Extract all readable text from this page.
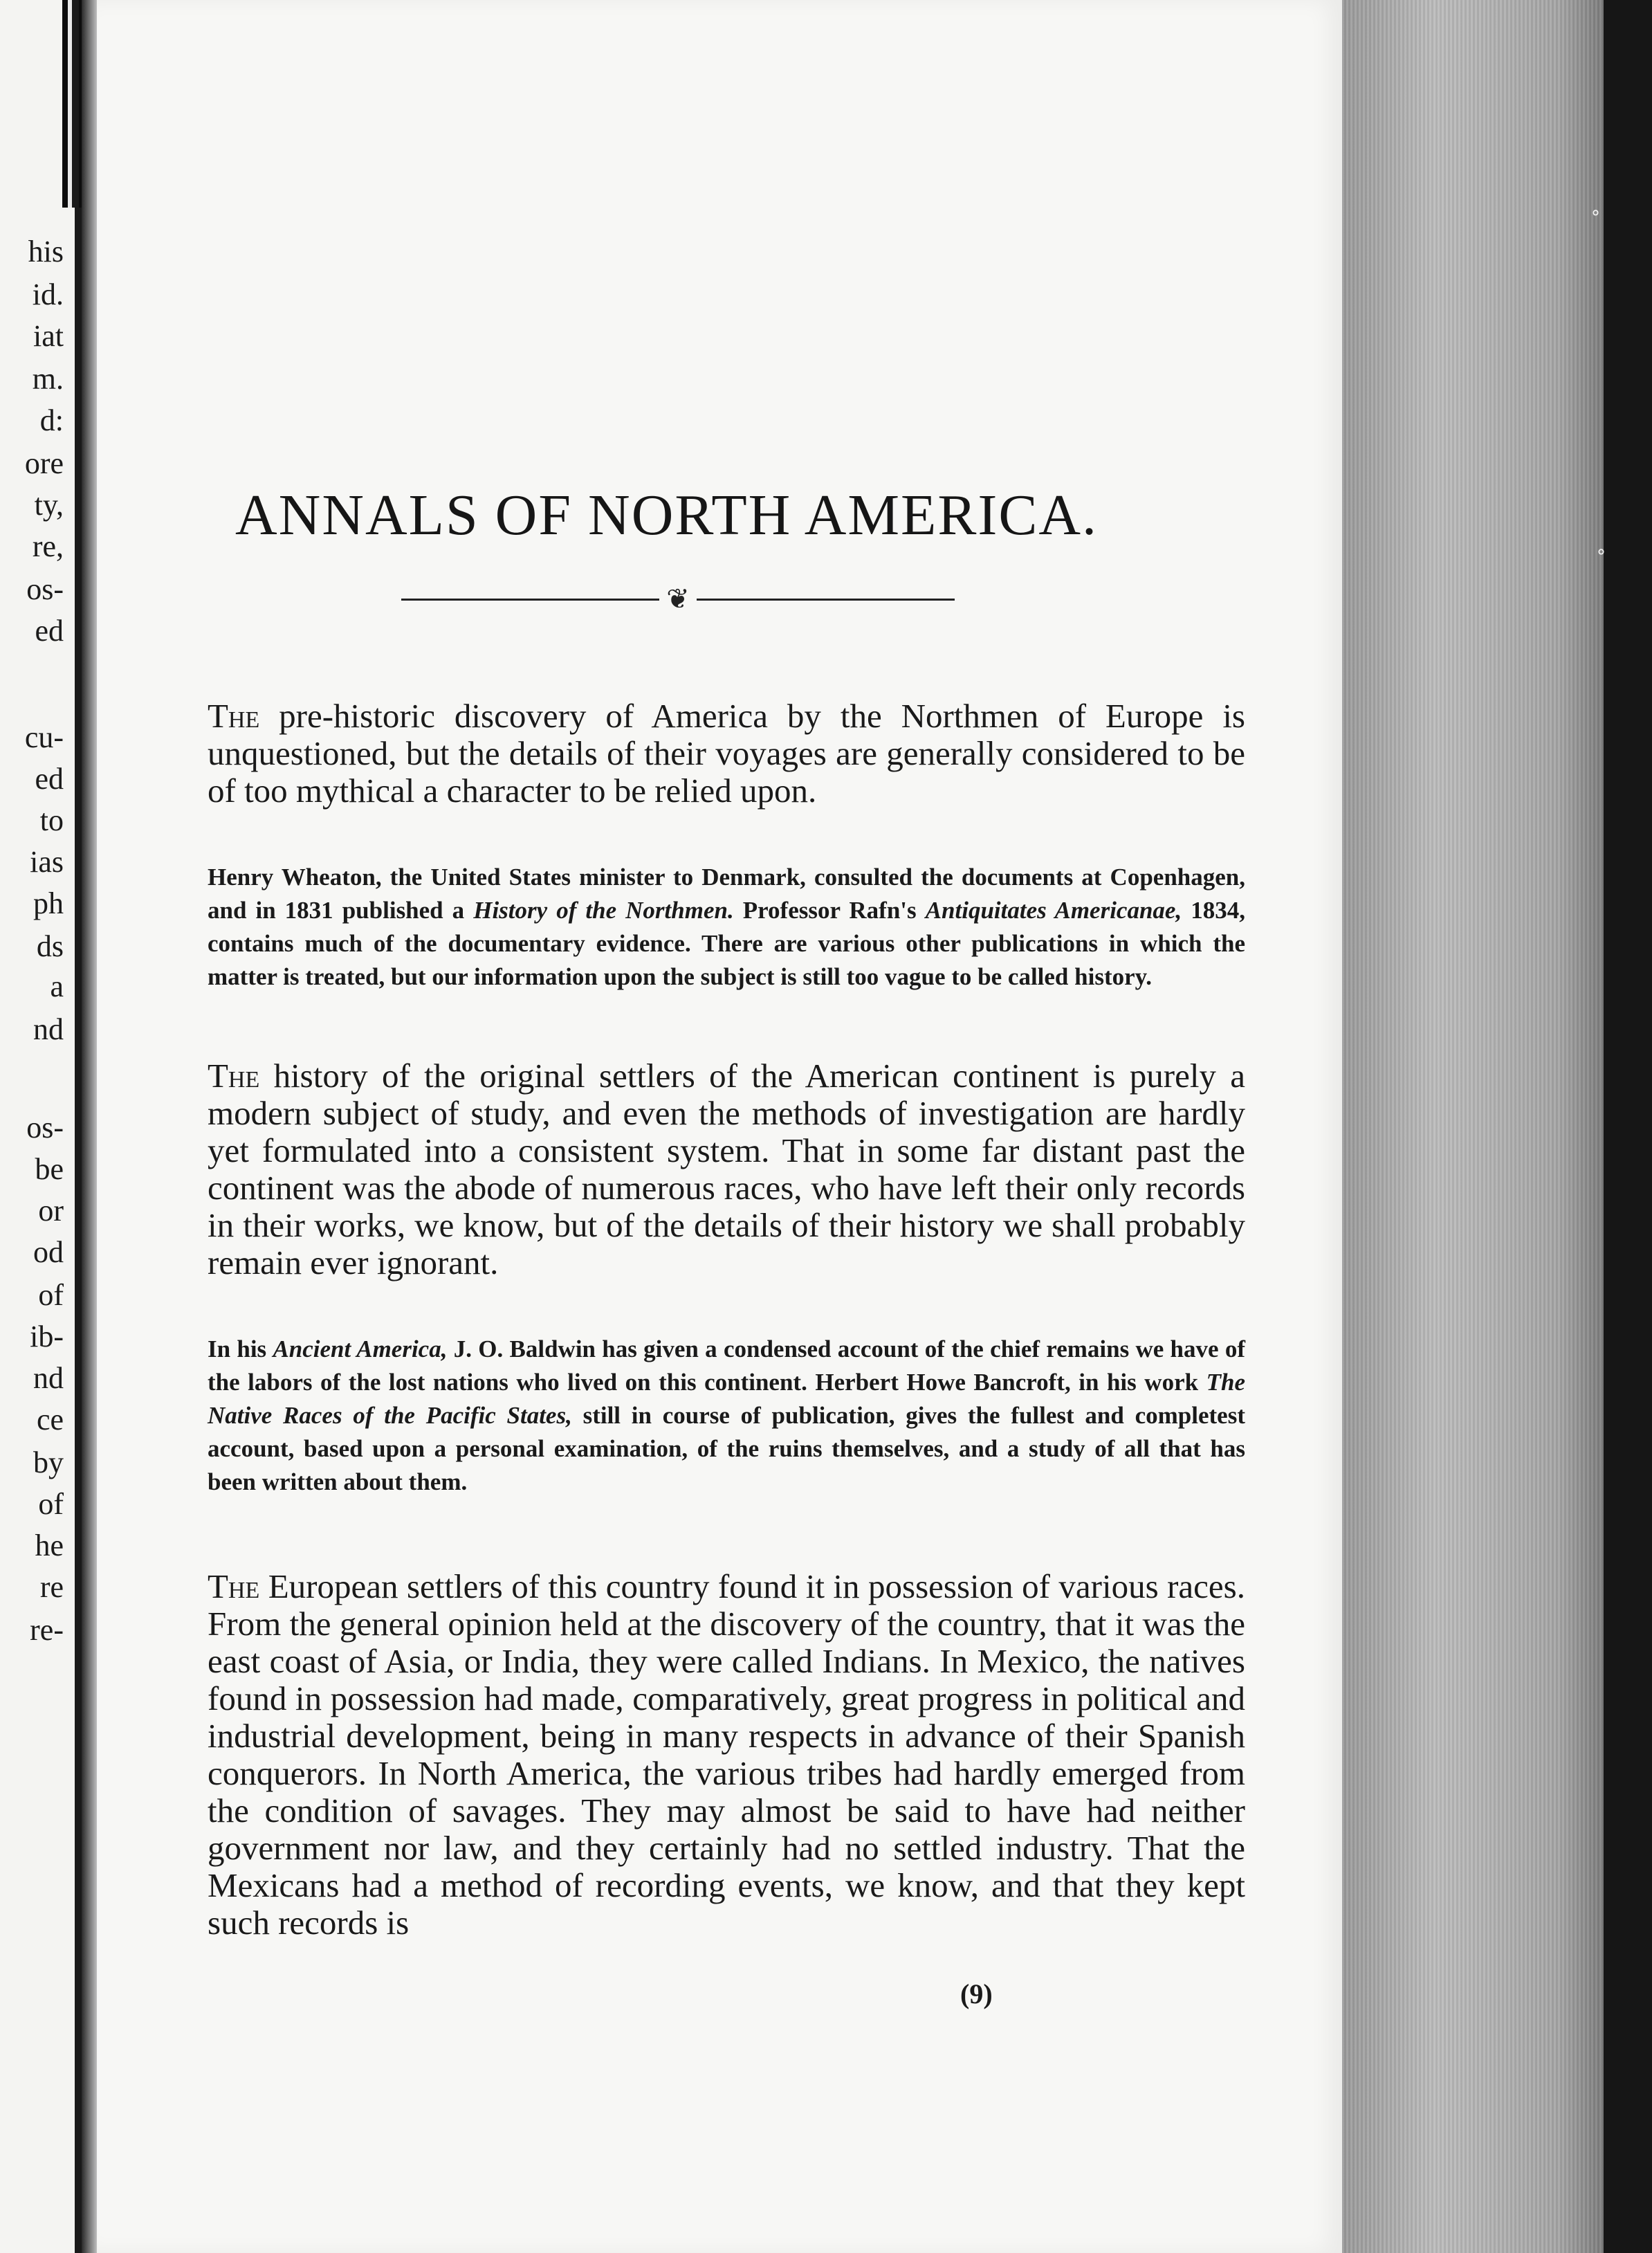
his
id.
iat
m.
d:
ore
ty,
re,
os-
ed
cu-
ed
to
ias
ph
ds
a
nd
os-
be
or
od
of
ib-
nd
ce
by
of
he
re
re-
ANNALS OF NORTH AMERICA.
❦

The pre-historic discovery of America by the Northmen of Europe is unquestioned, but the details of their voyages are generally considered to be of too mythical a character to be relied upon.

Henry Wheaton, the United States minister to Denmark, consulted the documents at Copenhagen, and in 1831 published a History of the Northmen. Professor Rafn's Antiquitates Americanae, 1834, contains much of the documentary evidence. There are various other publications in which the matter is treated, but our information upon the subject is still too vague to be called history.

The history of the original settlers of the American continent is purely a modern subject of study, and even the methods of investigation are hardly yet formulated into a consistent system. That in some far distant past the continent was the abode of numerous races, who have left their only records in their works, we know, but of the details of their history we shall probably remain ever ignorant.

In his Ancient America, J. O. Baldwin has given a condensed account of the chief remains we have of the labors of the lost nations who lived on this continent. Herbert Howe Bancroft, in his work The Native Races of the Pacific States, still in course of publication, gives the fullest and completest account, based upon a personal examination, of the ruins themselves, and a study of all that has been written about them.

The European settlers of this country found it in possession of various races. From the general opinion held at the discovery of the country, that it was the east coast of Asia, or India, they were called Indians. In Mexico, the natives found in possession had made, comparatively, great progress in political and industrial development, being in many respects in advance of their Spanish conquerors. In North America, the various tribes had hardly emerged from the condition of savages. They may almost be said to have had neither government nor law, and they certainly had no settled industry. That the Mexicans had a method of recording events, we know, and that they kept such records is

(9)
°
°
